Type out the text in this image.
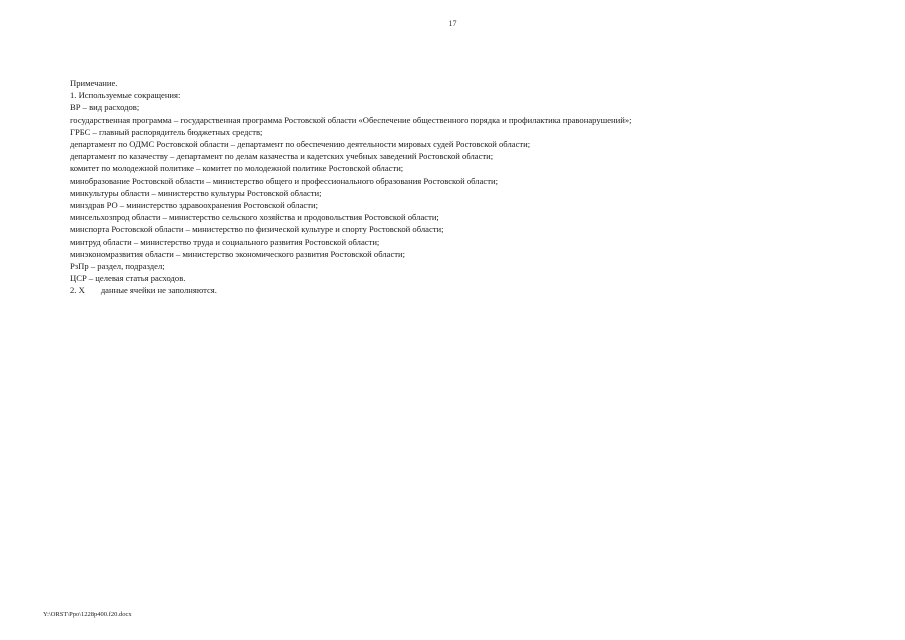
17
Примечание.
1. Используемые сокращения:
ВР – вид расходов;
государственная программа – государственная программа Ростовской области «Обеспечение общественного порядка и профилактика правонарушений»;
ГРБС – главный распорядитель бюджетных средств;
департамент по ОДМС Ростовской области – департамент по обеспечению деятельности мировых судей Ростовской области;
департамент по казачеству – департамент по делам казачества и кадетских учебных заведений Ростовской области;
комитет по молодежной политике – комитет по молодежной политике Ростовской области;
минобразование Ростовской области – министерство общего и профессионального образования Ростовской области;
минкультуры области – министерство культуры Ростовской области;
минздрав РО – министерство здравоохранения Ростовской области;
минсельхозпрод области – министерство сельского хозяйства и продовольствия Ростовской области;
минспорта Ростовской области – министерство по физической культуре и спорту Ростовской области;
минтруд области – министерство труда и социального развития Ростовской области;
минэкономразвития области – министерство экономического развития Ростовской области;
РзПр – раздел, подраздел;
ЦСР – целевая статья расходов.
2. Х данные ячейки не заполняются.
Y:\ORST\Ppo\1228p400.f20.docx
